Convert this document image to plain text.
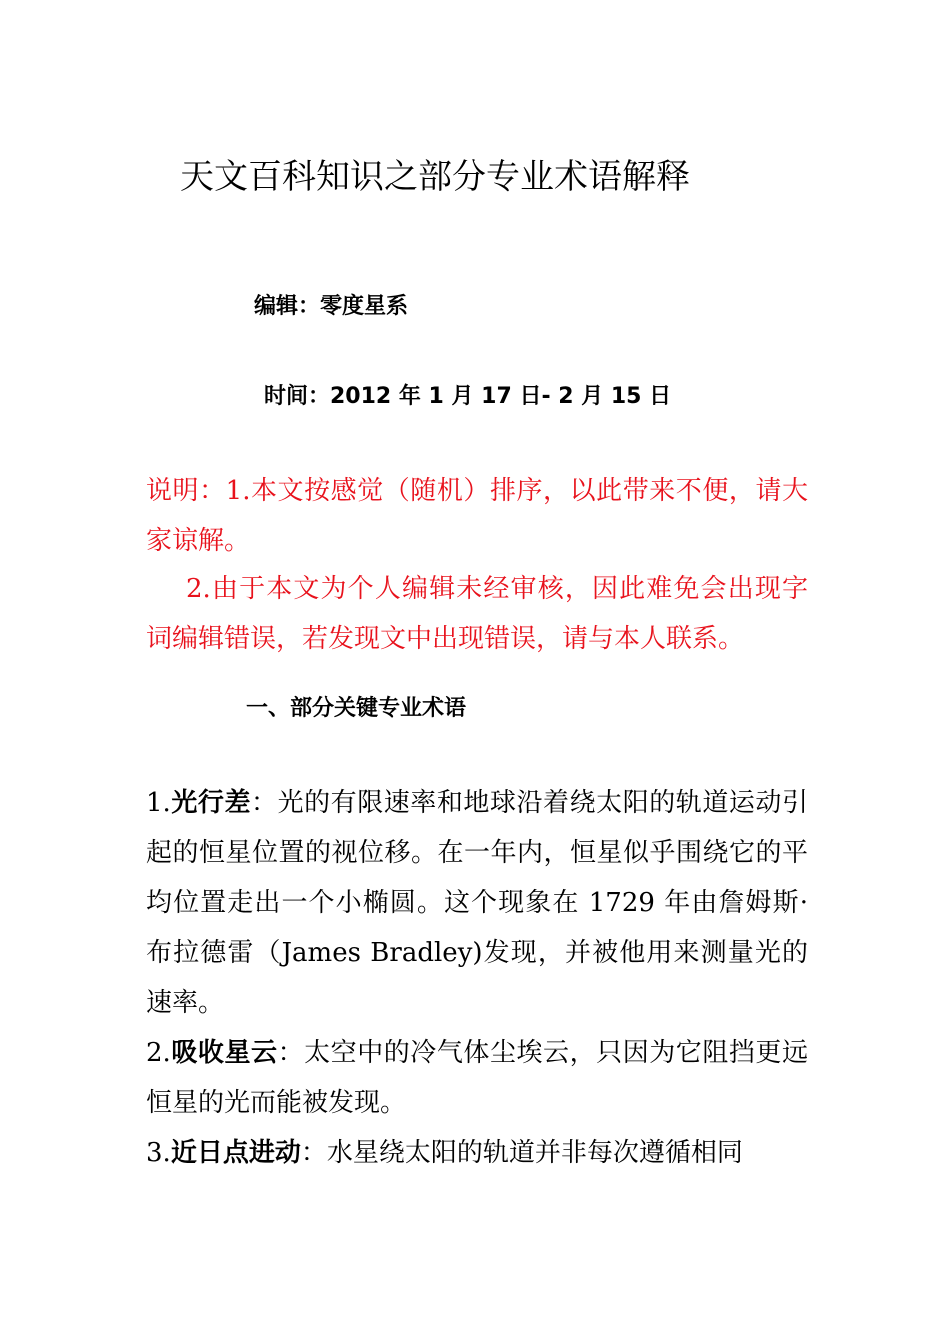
天文百科知识之部分专业术语解释
编辑：零度星系
时间：2012 年 1 月 17 日- 2 月 15 日
说明：1.本文按感觉（随机）排序，以此带来不便，请大家谅解。
2.由于本文为个人编辑未经审核，因此难免会出现字词编辑错误，若发现文中出现错误，请与本人联系。
一、部分关键专业术语
1.光行差：光的有限速率和地球沿着绕太阳的轨道运动引起的恒星位置的视位移。在一年内，恒星似乎围绕它的平均位置走出一个小椭圆。这个现象在 1729 年由詹姆斯·布拉德雷（James Bradley)发现，并被他用来测量光的速率。
2.吸收星云：太空中的冷气体尘埃云，只因为它阻挡更远恒星的光而能被发现。
3.近日点进动：水星绕太阳的轨道并非每次遵循相同
